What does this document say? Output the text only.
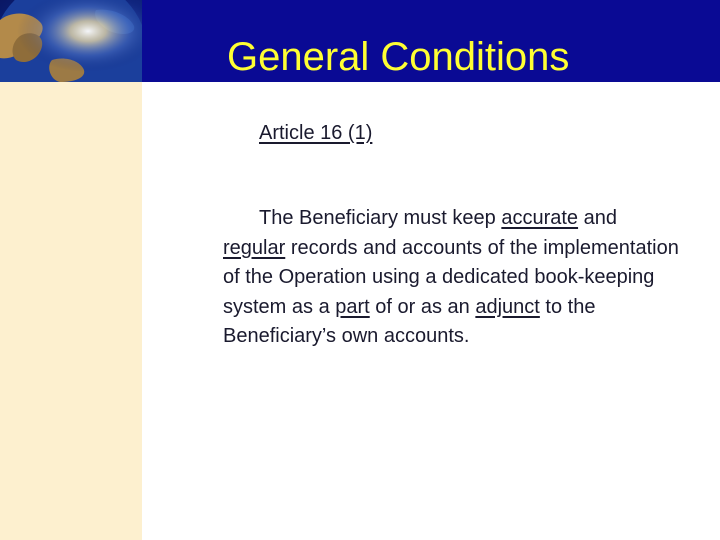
General Conditions
Article 16 (1)

The Beneficiary must keep accurate and regular records and accounts of the implementation of the Operation using a dedicated book-keeping system as a part of or as an adjunct to the Beneficiary’s own accounts.
